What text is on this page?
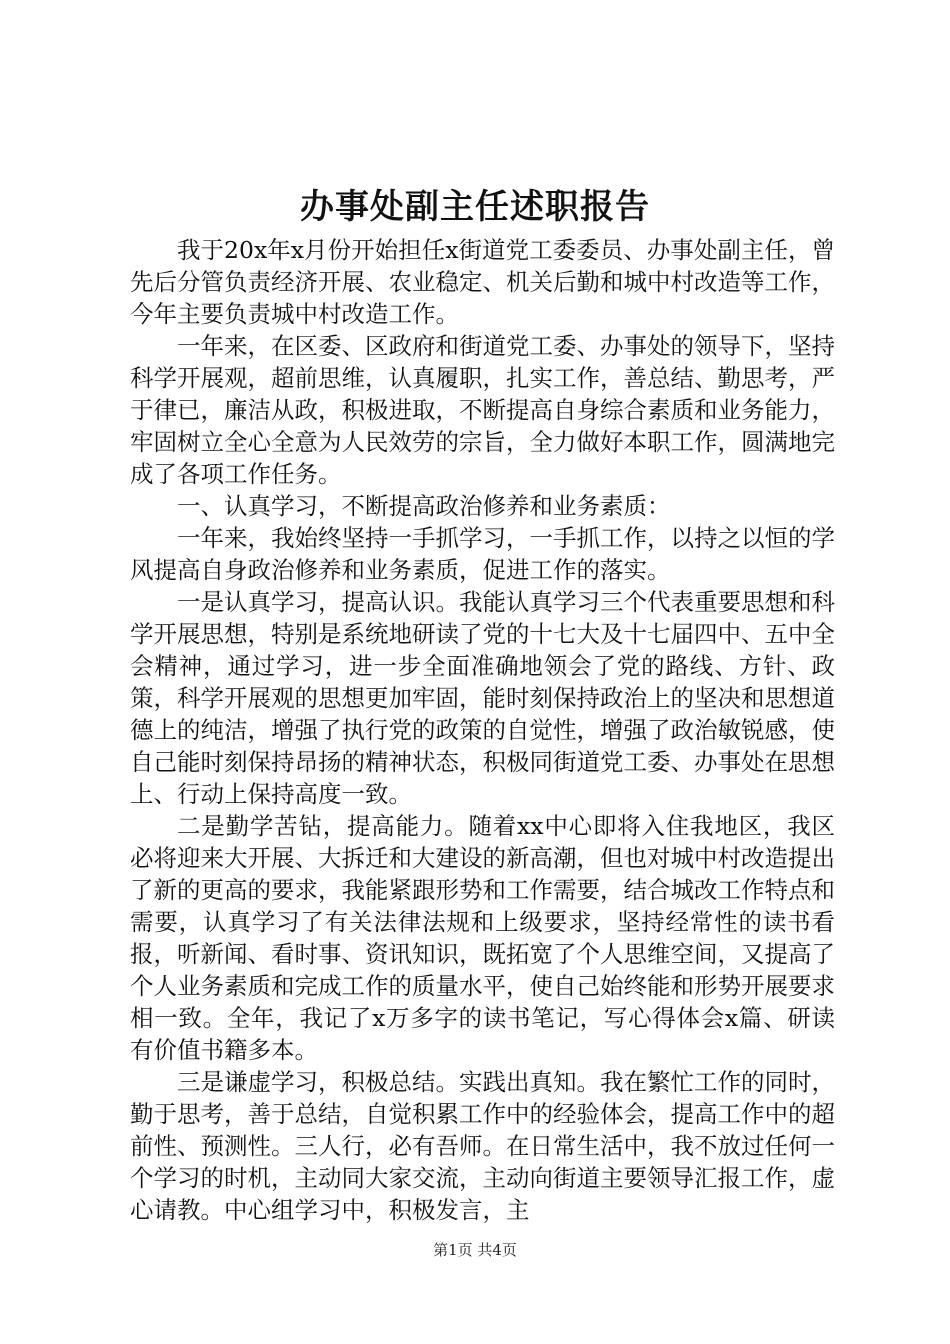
办事处副主任述职报告

我于20x年x月份开始担任x街道党工委委员、办事处副主任，曾先后分管负责经济开展、农业稳定、机关后勤和城中村改造等工作，今年主要负责城中村改造工作。

一年来，在区委、区政府和街道党工委、办事处的领导下，坚持科学开展观，超前思维，认真履职，扎实工作，善总结、勤思考，严于律已，廉洁从政，积极进取，不断提高自身综合素质和业务能力，牢固树立全心全意为人民效劳的宗旨，全力做好本职工作，圆满地完成了各项工作任务。

一、认真学习，不断提高政治修养和业务素质：

一年来，我始终坚持一手抓学习，一手抓工作，以持之以恒的学风提高自身政治修养和业务素质，促进工作的落实。

一是认真学习，提高认识。我能认真学习三个代表重要思想和科学开展思想，特别是系统地研读了党的十七大及十七届四中、五中全会精神，通过学习，进一步全面准确地领会了党的路线、方针、政策，科学开展观的思想更加牢固，能时刻保持政治上的坚决和思想道德上的纯洁，增强了执行党的政策的自觉性，增强了政治敏锐感，使自己能时刻保持昂扬的精神状态，积极同街道党工委、办事处在思想上、行动上保持高度一致。

二是勤学苦钻，提高能力。随着xx中心即将入住我地区，我区必将迎来大开展、大拆迁和大建设的新高潮，但也对城中村改造提出了新的更高的要求，我能紧跟形势和工作需要，结合城改工作特点和需要，认真学习了有关法律法规和上级要求，坚持经常性的读书看报，听新闻、看时事、资讯知识，既拓宽了个人思维空间，又提高了个人业务素质和完成工作的质量水平，使自己始终能和形势开展要求相一致。全年，我记了x万多字的读书笔记，写心得体会x篇、研读有价值书籍多本。

三是谦虚学习，积极总结。实践出真知。我在繁忙工作的同时，勤于思考，善于总结，自觉积累工作中的经验体会，提高工作中的超前性、预测性。三人行，必有吾师。在日常生活中，我不放过任何一个学习的时机，主动同大家交流，主动向街道主要领导汇报工作，虚心请教。中心组学习中，积极发言，主

第1页 共4页
